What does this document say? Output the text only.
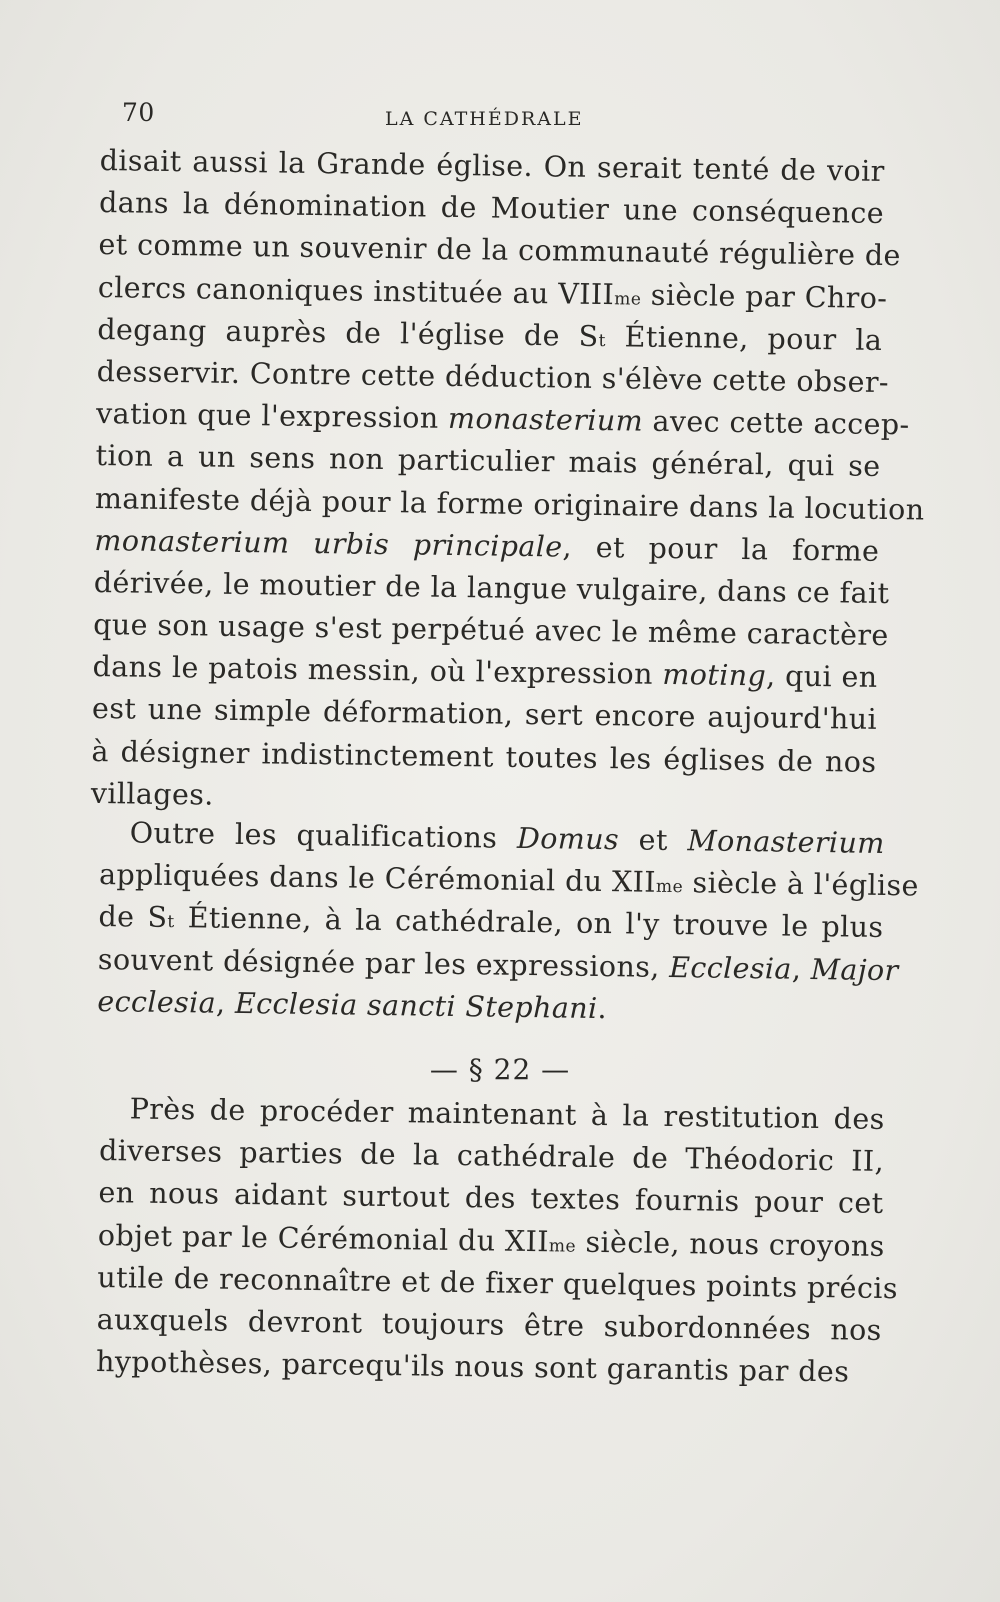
70	LA CATHÉDRALE
disait aussi la Grande église. On serait tenté de voir
dans la dénomination de Moutier une conséquence
et comme un souvenir de la communauté régulière de
clercs canoniques instituée au $VIII^{me}$ siècle par Chro-
degang auprès de l'église de $S^t$ Étienne, pour la
desservir. Contre cette déduction s'élève cette obser-
vation que l'expression monasterium avec cette accep-
tion a un sens non particulier mais général, qui se
manifeste déjà pour la forme originaire dans la locution
monasterium urbis principale, et pour la forme
dérivée, le moutier de la langue vulgaire, dans ce fait
que son usage s'est perpétué avec le même caractère
dans le patois messin, où l'expression moting, qui en
est une simple déformation, sert encore aujourd'hui
à désigner indistinctement toutes les églises de nos
villages.
Outre les qualifications Domus et Monasterium
appliquées dans le Cérémonial du $XII^{me}$ siècle à l'église
de $S^t$ Étienne, à la cathédrale, on l'y trouve le plus
souvent désignée par les expressions, Ecclesia, Major
ecclesia, Ecclesia sancti Stephani.
— § 22 —
Près de procéder maintenant à la restitution des
diverses parties de la cathédrale de Théodoric II,
en nous aidant surtout des textes fournis pour cet
objet par le Cérémonial du $XII^{me}$ siècle, nous croyons
utile de reconnaître et de fixer quelques points précis
auxquels devront toujours être subordonnées nos
hypothèses, parcequ'ils nous sont garantis par des
